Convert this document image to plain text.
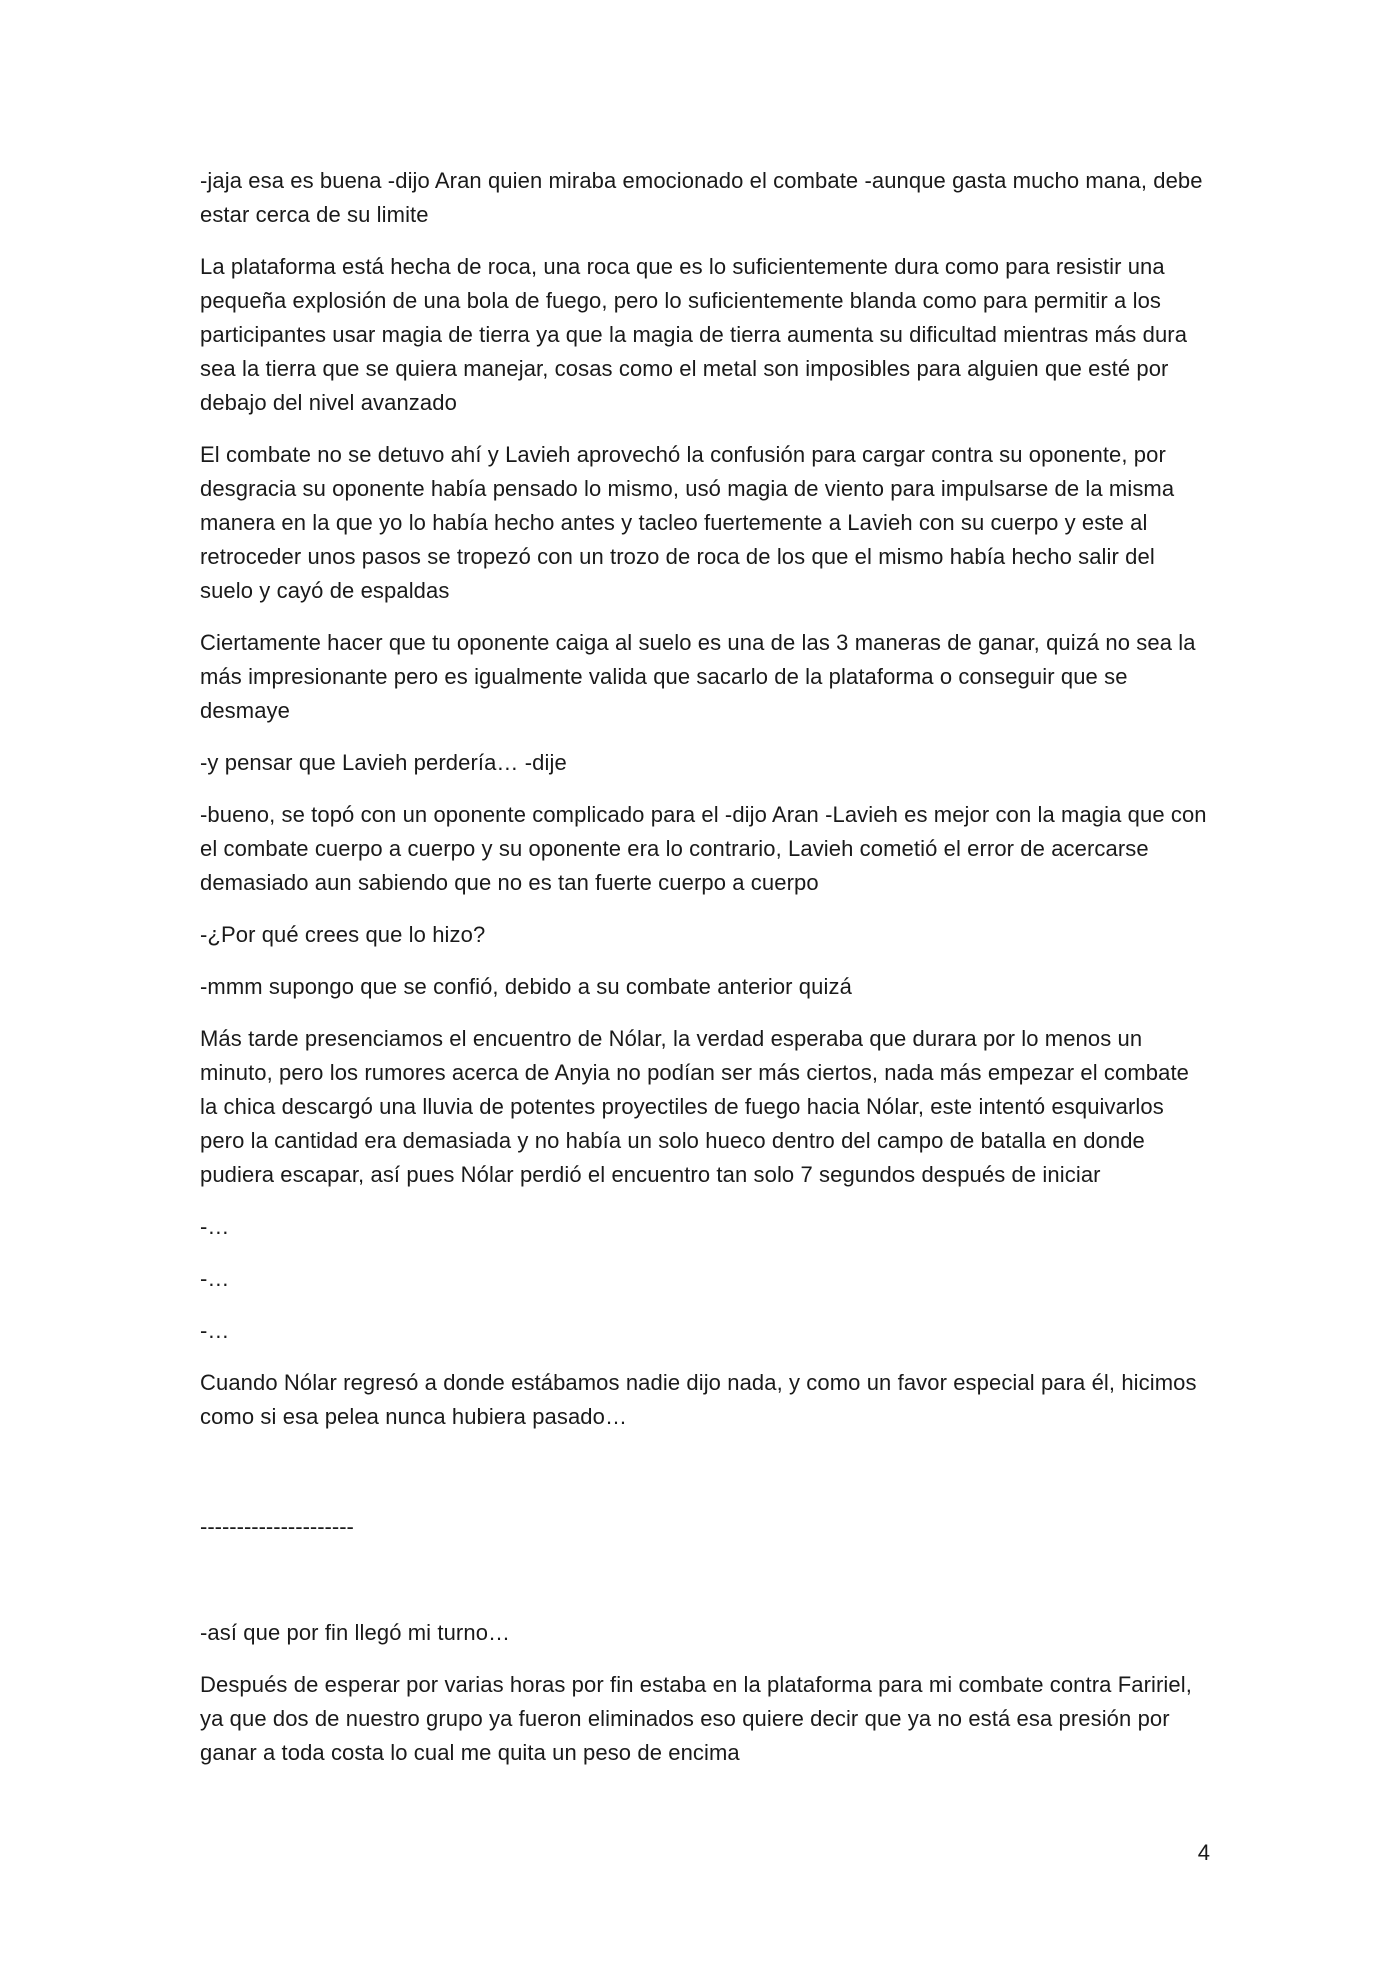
-jaja esa es buena -dijo Aran quien miraba emocionado el combate -aunque gasta mucho mana, debe estar cerca de su limite

La plataforma está hecha de roca, una roca que es lo suficientemente dura como para resistir una pequeña explosión de una bola de fuego, pero lo suficientemente blanda como para permitir a los participantes usar magia de tierra ya que la magia de tierra aumenta su dificultad mientras más dura sea la tierra que se quiera manejar, cosas como el metal son imposibles para alguien que esté por debajo del nivel avanzado

El combate no se detuvo ahí y Lavieh aprovechó la confusión para cargar contra su oponente, por desgracia su oponente había pensado lo mismo, usó magia de viento para impulsarse de la misma manera en la que yo lo había hecho antes y tacleo fuertemente a Lavieh con su cuerpo y este al retroceder unos pasos se tropezó con un trozo de roca de los que el mismo había hecho salir del suelo y cayó de espaldas

Ciertamente hacer que tu oponente caiga al suelo es una de las 3 maneras de ganar, quizá no sea la más impresionante pero es igualmente valida que sacarlo de la plataforma o conseguir que se desmaye

-y pensar que Lavieh perdería… -dije

-bueno, se topó con un oponente complicado para el -dijo Aran -Lavieh es mejor con la magia que con el combate cuerpo a cuerpo y su oponente era lo contrario, Lavieh cometió el error de acercarse demasiado aun sabiendo que no es tan fuerte cuerpo a cuerpo

-¿Por qué crees que lo hizo?

-mmm supongo que se confió, debido a su combate anterior quizá

Más tarde presenciamos el encuentro de Nólar, la verdad esperaba que durara por lo menos un minuto, pero los rumores acerca de Anyia no podían ser más ciertos, nada más empezar el combate la chica descargó una lluvia de potentes proyectiles de fuego hacia Nólar, este intentó esquivarlos pero la cantidad era demasiada y no había un solo hueco dentro del campo de batalla en donde pudiera escapar, así pues Nólar perdió el encuentro tan solo 7 segundos después de iniciar

-…

-…

-…

Cuando Nólar regresó a donde estábamos nadie dijo nada, y como un favor especial para él, hicimos como si esa pelea nunca hubiera pasado…

---------------------

-así que por fin llegó mi turno…

Después de esperar por varias horas por fin estaba en la plataforma para mi combate contra Faririel, ya que dos de nuestro grupo ya fueron eliminados eso quiere decir que ya no está esa presión por ganar a toda costa lo cual me quita un peso de encima

4
